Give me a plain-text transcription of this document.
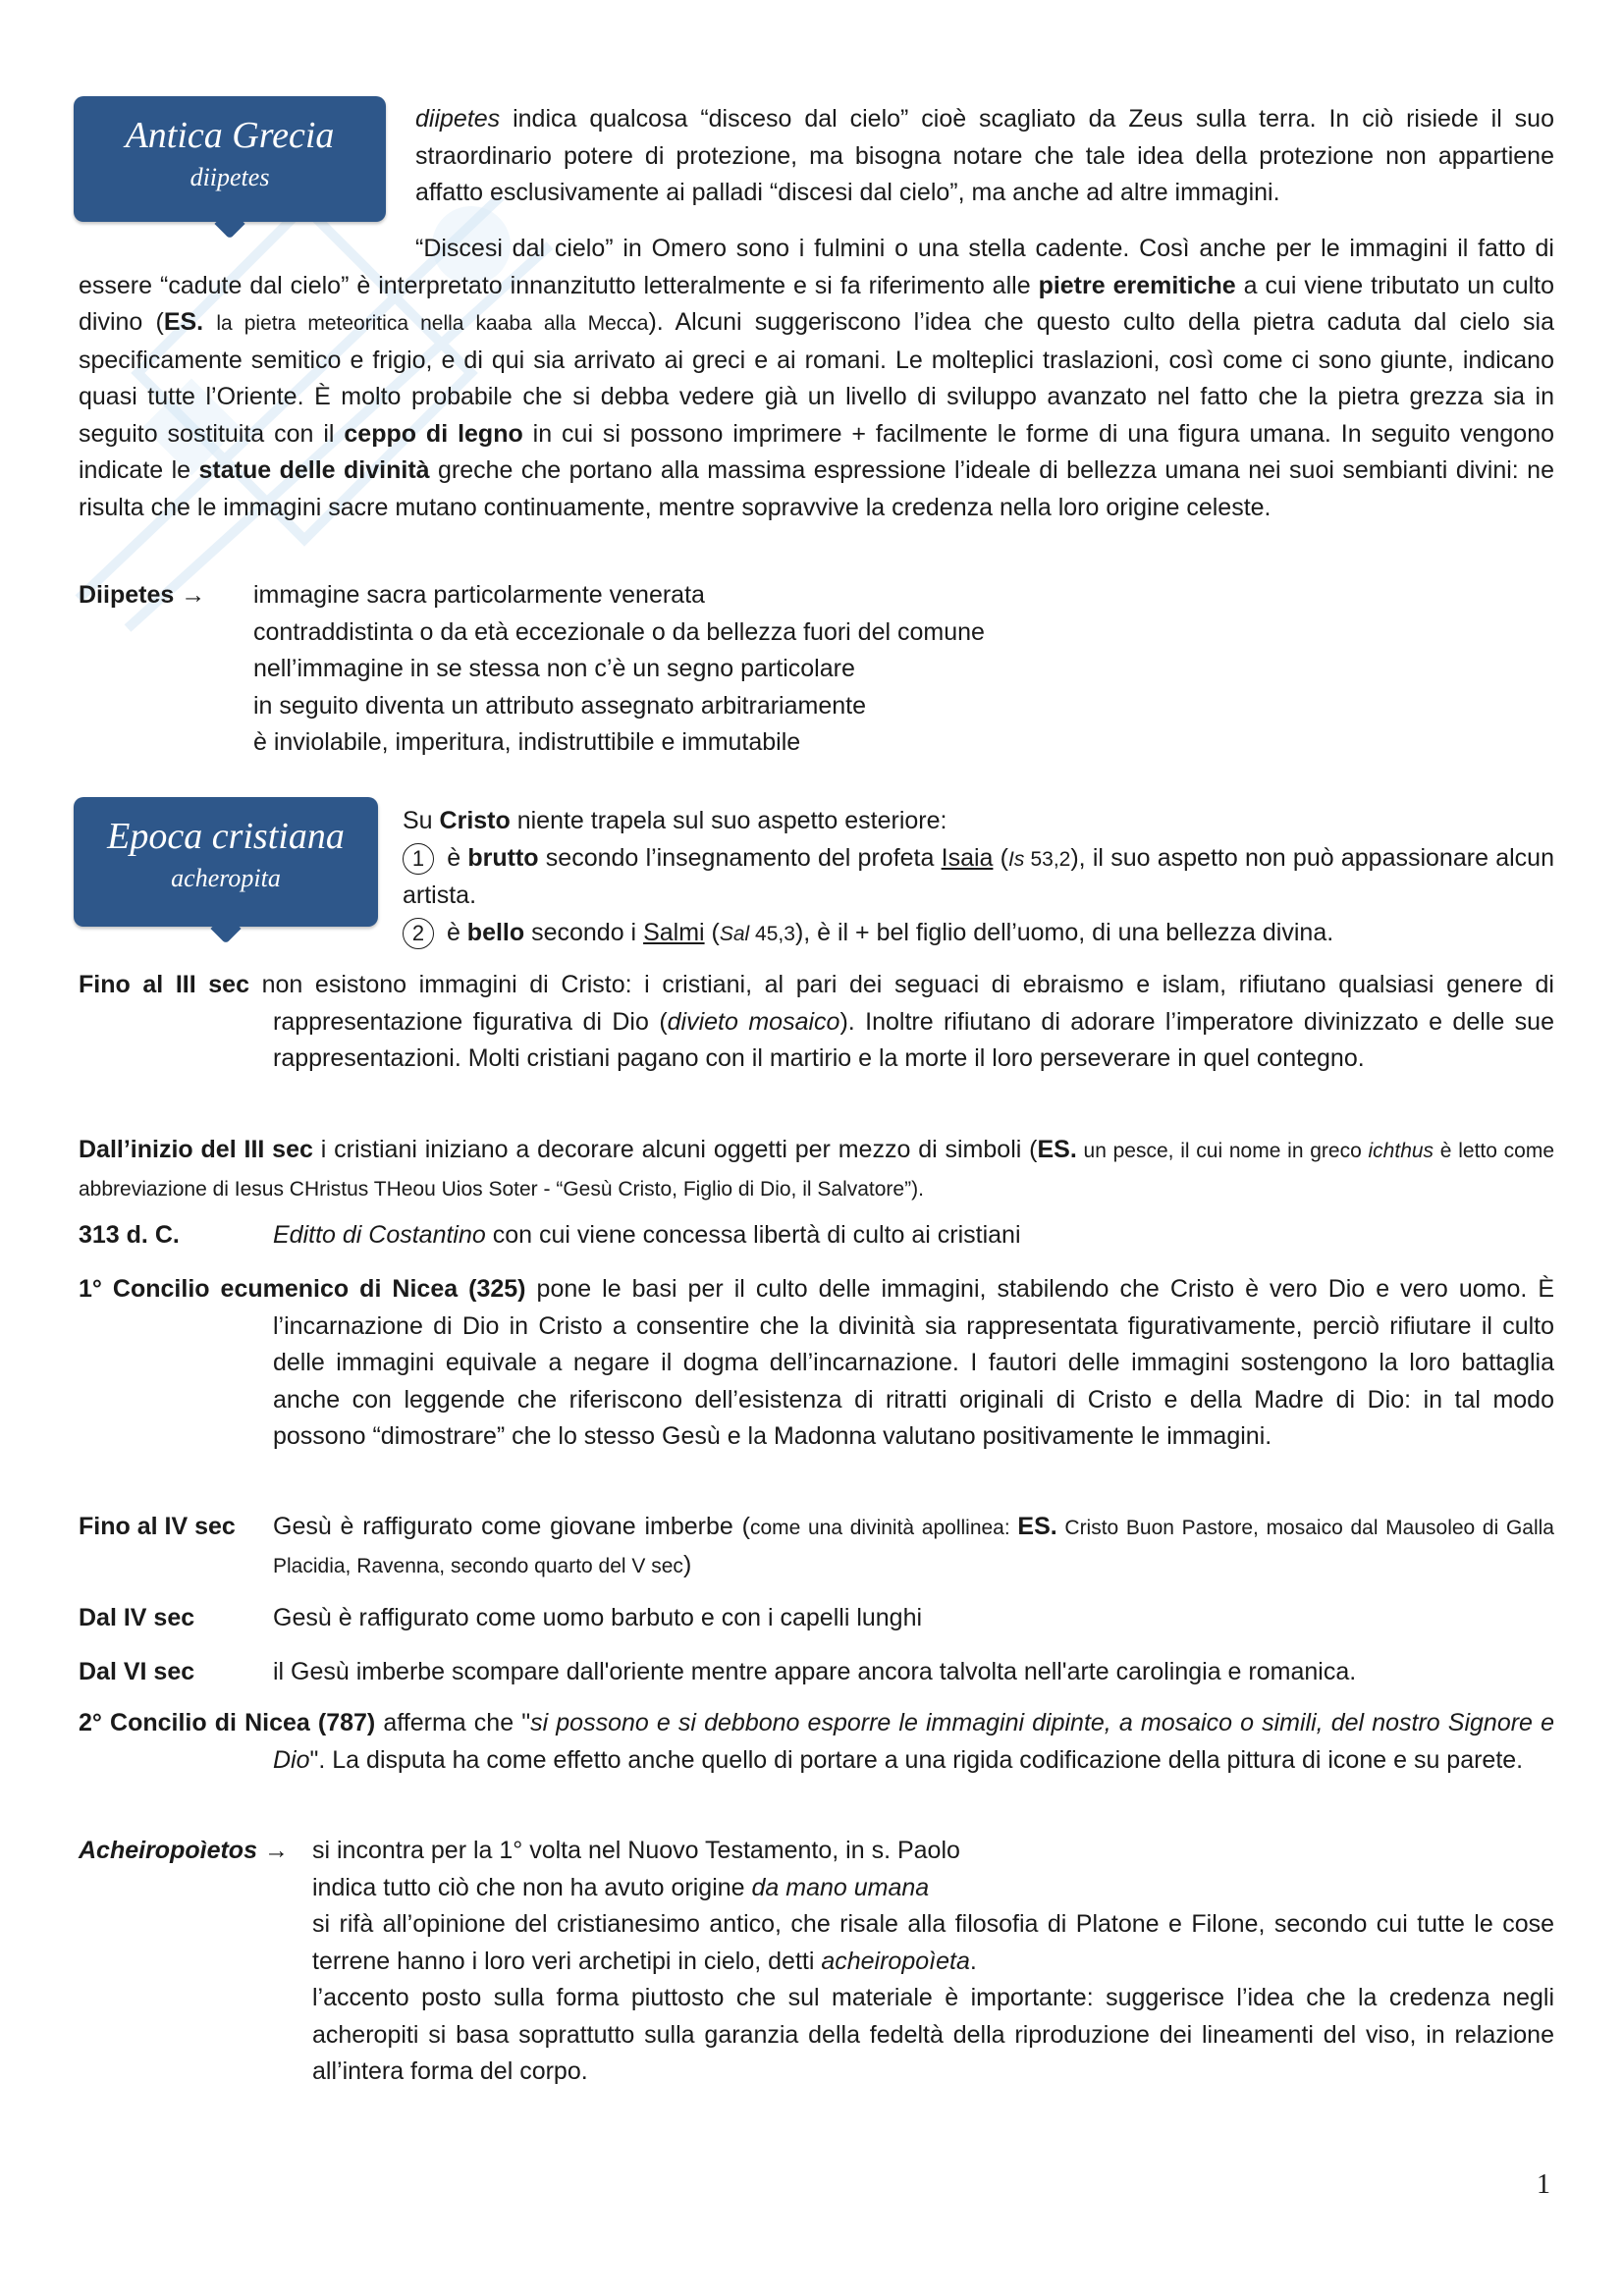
Antica Grecia
diipetes

diipetes indica qualcosa “disceso dal cielo” cioè scagliato da Zeus sulla terra. In ciò risiede il suo straordinario potere di protezione, ma bisogna notare che tale idea della protezione non appartiene affatto esclusivamente ai palladi “discesi dal cielo”, ma anche ad altre immagini.

“Discesi dal cielo” in Omero sono i fulmini o una stella cadente. Così anche per le immagini il fatto di essere “cadute dal cielo” è interpretato innanzitutto letteralmente e si fa riferimento alle pietre eremitiche a cui viene tributato un culto divino (ES. la pietra meteoritica nella kaaba alla Mecca). Alcuni suggeriscono l’idea che questo culto della pietra caduta dal cielo sia specificamente semitico e frigio, e di qui sia arrivato ai greci e ai romani. Le molteplici traslazioni, così come ci sono giunte, indicano quasi tutte l’Oriente. È molto probabile che si debba vedere già un livello di sviluppo avanzato nel fatto che la pietra grezza sia in seguito sostituita con il ceppo di legno in cui si possono imprimere + facilmente le forme di una figura umana. In seguito vengono indicate le statue delle divinità greche che portano alla massima espressione l’ideale di bellezza umana nei suoi sembianti divini: ne risulta che le immagini sacre mutano continuamente, mentre sopravvive la credenza nella loro origine celeste.

Diipetes → immagine sacra particolarmente venerata
contraddistinta o da età eccezionale o da bellezza fuori del comune
nell’immagine in se stessa non c’è un segno particolare
in seguito diventa un attributo assegnato arbitrariamente
è inviolabile, imperitura, indistruttibile e immutabile
Epoca cristiana
acheropita

Su Cristo niente trapela sul suo aspetto esteriore:

1 è brutto secondo l’insegnamento del profeta Isaia (Is 53,2), il suo aspetto non può appassionare alcun artista.

2 è bello secondo i Salmi (Sal 45,3), è il + bel figlio dell’uomo, di una bellezza divina.

Fino al III sec non esistono immagini di Cristo: i cristiani, al pari dei seguaci di ebraismo e islam, rifiutano qualsiasi genere di rappresentazione figurativa di Dio (divieto mosaico). Inoltre rifiutano di adorare l’imperatore divinizzato e delle sue rappresentazioni. Molti cristiani pagano con il martirio e la morte il loro perseverare in quel contegno.

Dall’inizio del III sec i cristiani iniziano a decorare alcuni oggetti per mezzo di simboli (ES. un pesce, il cui nome in greco ichthus è letto come abbreviazione di Iesus CHristus THeou Uios Soter - “Gesù Cristo, Figlio di Dio, il Salvatore”).

313 d. C.	Editto di Costantino con cui viene concessa libertà di culto ai cristiani

1° Concilio ecumenico di Nicea (325) pone le basi per il culto delle immagini, stabilendo che Cristo è vero Dio e vero uomo. È l’incarnazione di Dio in Cristo a consentire che la divinità sia rappresentata figurativamente, perciò rifiutare il culto delle immagini equivale a negare il dogma dell’incarnazione. I fautori delle immagini sostengono la loro battaglia anche con leggende che riferiscono dell’esistenza di ritratti originali di Cristo e della Madre di Dio: in tal modo possono “dimostrare” che lo stesso Gesù e la Madonna valutano positivamente le immagini.

Fino al IV sec Gesù è raffigurato come giovane imberbe (come una divinità apollinea: ES. Cristo Buon Pastore, mosaico dal Mausoleo di Galla Placidia, Ravenna, secondo quarto del V sec)

Dal IV sec	Gesù è raffigurato come uomo barbuto e con i capelli lunghi
Dal VI sec	il Gesù imberbe scompare dall'oriente mentre appare ancora talvolta nell'arte carolingia e romanica.

2° Concilio di Nicea (787) afferma che "si possono e si debbono esporre le immagini dipinte, a mosaico o simili, del nostro Signore e Dio". La disputa ha come effetto anche quello di portare a una rigida codificazione della pittura di icone e su parete.

Acheiropoìetos → si incontra per la 1° volta nel Nuovo Testamento, in s. Paolo

indica tutto ciò che non ha avuto origine da mano umana

si rifà all’opinione del cristianesimo antico, che risale alla filosofia di Platone e Filone, secondo cui tutte le cose terrene hanno i loro veri archetipi in cielo, detti acheiropoìeta.

l’accento posto sulla forma piuttosto che sul materiale è importante: suggerisce l’idea che la credenza negli acheropiti si basa soprattutto sulla garanzia della fedeltà della riproduzione dei lineamenti del viso, in relazione all’intera forma del corpo.

1
